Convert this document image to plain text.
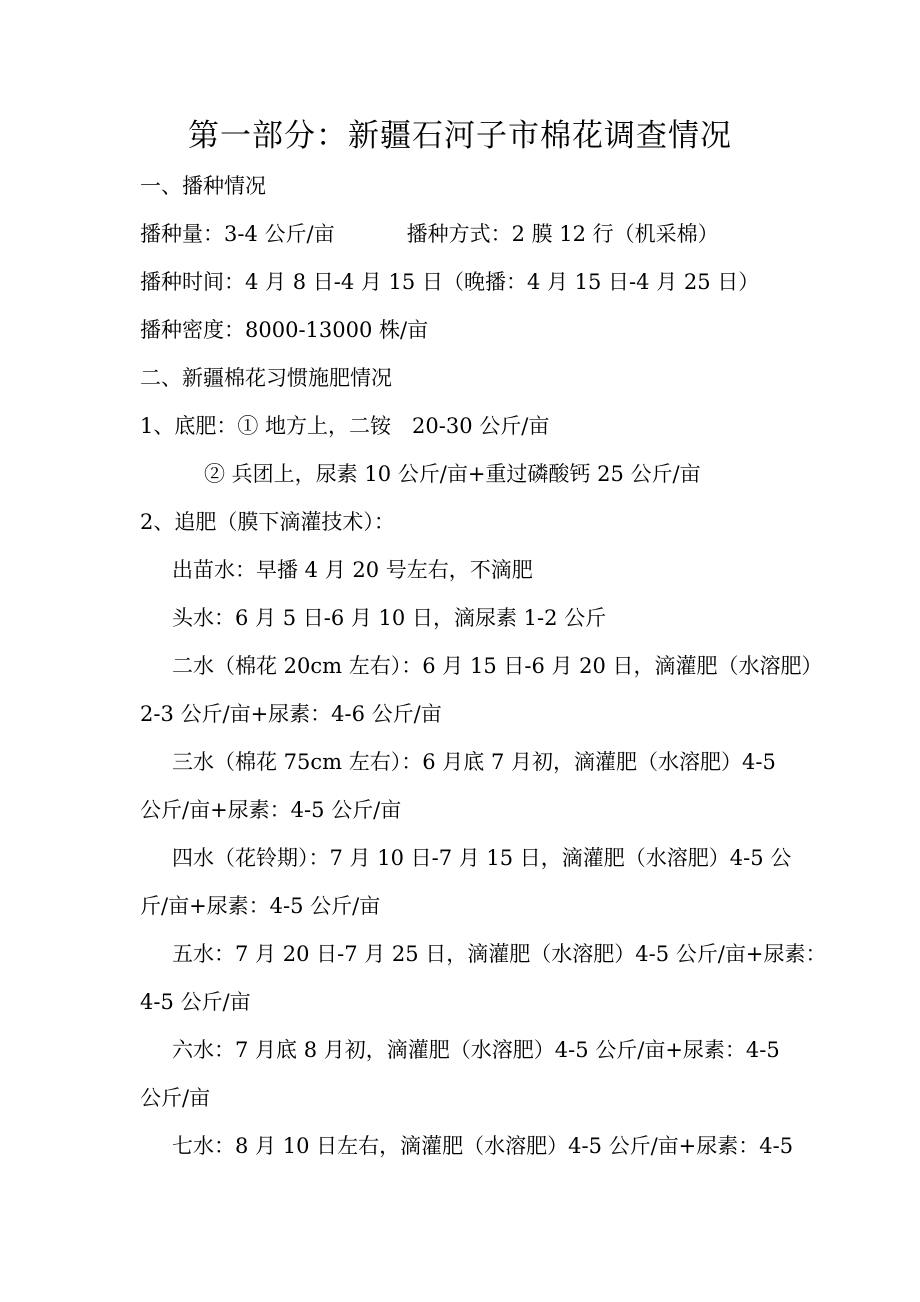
第一部分：新疆石河子市棉花调查情况
一、播种情况
播种量：3-4 公斤/亩	播种方式：2 膜 12 行（机采棉）
播种时间：4 月 8 日-4 月 15 日（晚播：4 月 15 日-4 月 25 日）
播种密度：8000-13000 株/亩
二、新疆棉花习惯施肥情况
1、底肥：① 地方上，二铵　20-30 公斤/亩
② 兵团上，尿素 10 公斤/亩+重过磷酸钙 25 公斤/亩
2、追肥（膜下滴灌技术）：
出苗水：早播 4 月 20 号左右，不滴肥
头水：6 月 5 日-6 月 10 日，滴尿素 1-2 公斤
二水（棉花 20cm 左右）：6 月 15 日-6 月 20 日，滴灌肥（水溶肥）
2-3 公斤/亩+尿素：4-6 公斤/亩
三水（棉花 75cm 左右）：6 月底 7 月初，滴灌肥（水溶肥）4-5
公斤/亩+尿素：4-5 公斤/亩
四水（花铃期）：7 月 10 日-7 月 15 日，滴灌肥（水溶肥）4-5 公
斤/亩+尿素：4-5 公斤/亩
五水：7 月 20 日-7 月 25 日，滴灌肥（水溶肥）4-5 公斤/亩+尿素：
4-5 公斤/亩
六水：7 月底 8 月初，滴灌肥（水溶肥）4-5 公斤/亩+尿素：4-5
公斤/亩
七水：8 月 10 日左右，滴灌肥（水溶肥）4-5 公斤/亩+尿素：4-5
